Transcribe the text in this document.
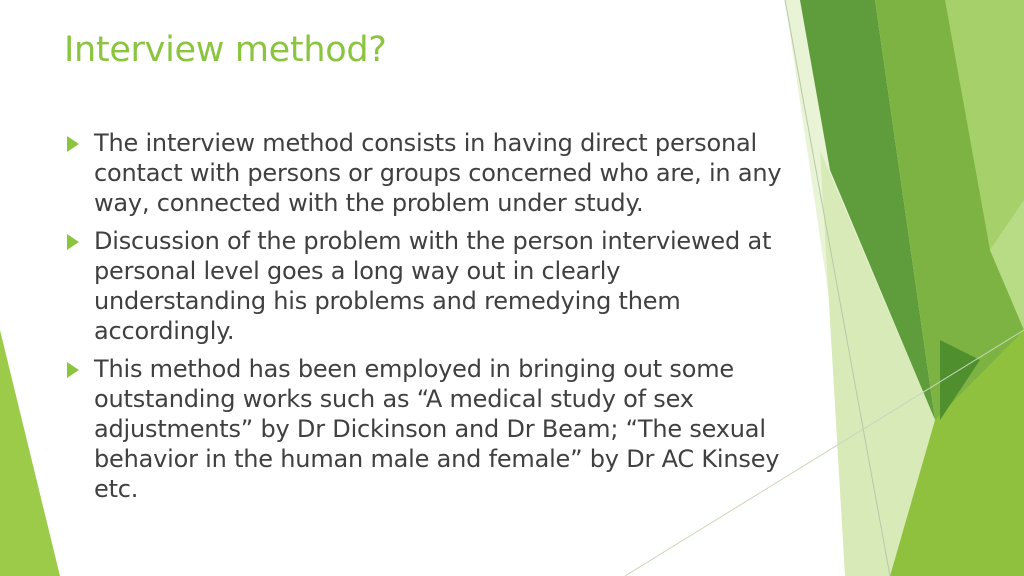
Interview method?
The interview method consists in having direct personal contact with persons or groups concerned who are, in any way, connected with the problem under study.
Discussion of the problem with the person interviewed at personal level goes a long way out in clearly understanding his problems and remedying them accordingly.
This method has been employed in bringing out some outstanding works such as “A medical study of sex adjustments” by Dr Dickinson and Dr Beam; “The sexual behavior in the human male and female” by Dr AC Kinsey etc.
